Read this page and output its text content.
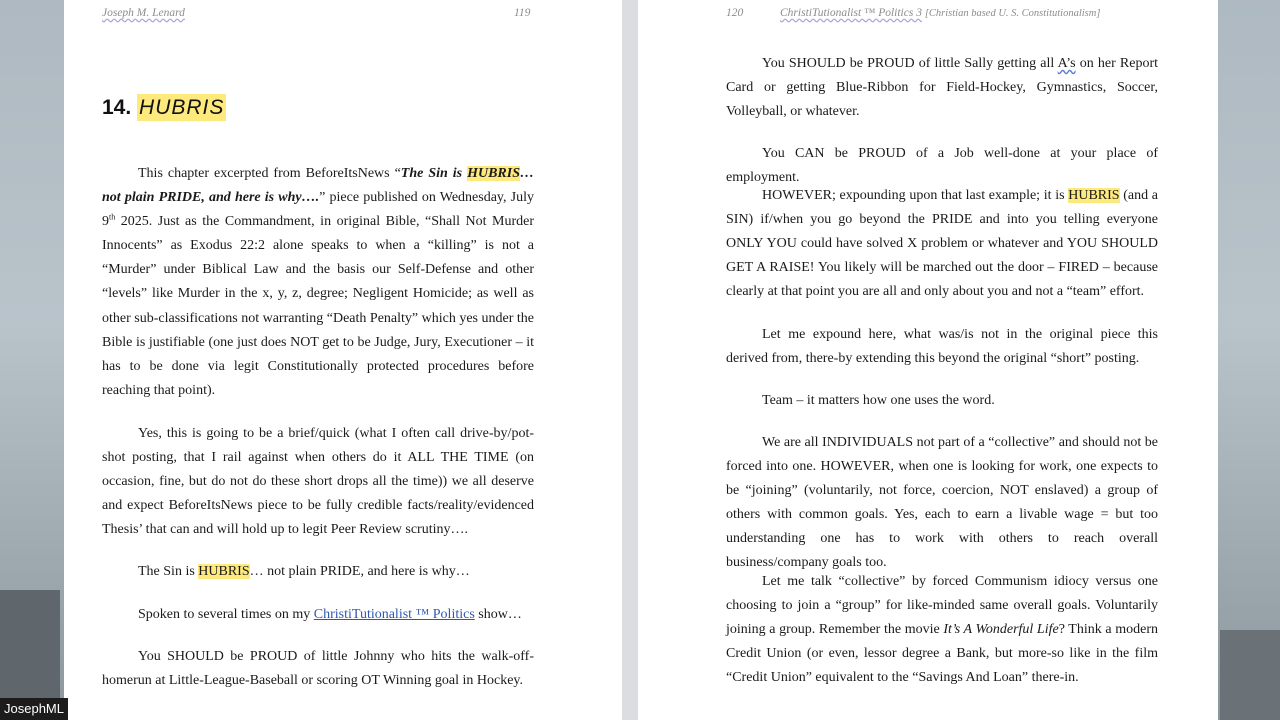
Joseph M. Lenard	119
14. HUBRIS
This chapter excerpted from BeforeItsNews “The Sin is HUBRIS… not plain PRIDE, and here is why….” piece published on Wednesday, July 9th 2025. Just as the Commandment, in original Bible, “Shall Not Murder Innocents” as Exodus 22:2 alone speaks to when a “killing” is not a “Murder” under Biblical Law and the basis our Self-Defense and other “levels” like Murder in the x, y, z, degree; Negligent Homicide; as well as other sub-classifications not warranting “Death Penalty” which yes under the Bible is justifiable (one just does NOT get to be Judge, Jury, Executioner – it has to be done via legit Constitutionally protected procedures before reaching that point).
Yes, this is going to be a brief/quick (what I often call drive-by/pot-shot posting, that I rail against when others do it ALL THE TIME (on occasion, fine, but do not do these short drops all the time)) we all deserve and expect BeforeItsNews piece to be fully credible facts/reality/evidenced Thesis’ that can and will hold up to legit Peer Review scrutiny….
The Sin is HUBRIS… not plain PRIDE, and here is why…
Spoken to several times on my ChristiTutionalist ™ Politics show…
You SHOULD be PROUD of little Johnny who hits the walk-off-homerun at Little-League-Baseball or scoring OT Winning goal in Hockey.
120	ChristiTutionalist ™ Politics 3 [Christian based U. S. Constitutionalism]
You SHOULD be PROUD of little Sally getting all A’s on her Report Card or getting Blue-Ribbon for Field-Hockey, Gymnastics, Soccer, Volleyball, or whatever.
You CAN be PROUD of a Job well-done at your place of employment.
HOWEVER; expounding upon that last example; it is HUBRIS (and a SIN) if/when you go beyond the PRIDE and into you telling everyone ONLY YOU could have solved X problem or whatever and YOU SHOULD GET A RAISE! You likely will be marched out the door – FIRED – because clearly at that point you are all and only about you and not a “team” effort.
Let me expound here, what was/is not in the original piece this derived from, there-by extending this beyond the original “short” posting.
Team – it matters how one uses the word.
We are all INDIVIDUALS not part of a “collective” and should not be forced into one. HOWEVER, when one is looking for work, one expects to be “joining” (voluntarily, not force, coercion, NOT enslaved) a group of others with common goals. Yes, each to earn a livable wage = but too understanding one has to work with others to reach overall business/company goals too.
Let me talk “collective” by forced Communism idiocy versus one choosing to join a “group” for like-minded same overall goals. Voluntarily joining a group. Remember the movie It’s A Wonderful Life? Think a modern Credit Union (or even, lessor degree a Bank, but more-so like in the film “Credit Union” equivalent to the “Savings And Loan” there-in.
JosephML
